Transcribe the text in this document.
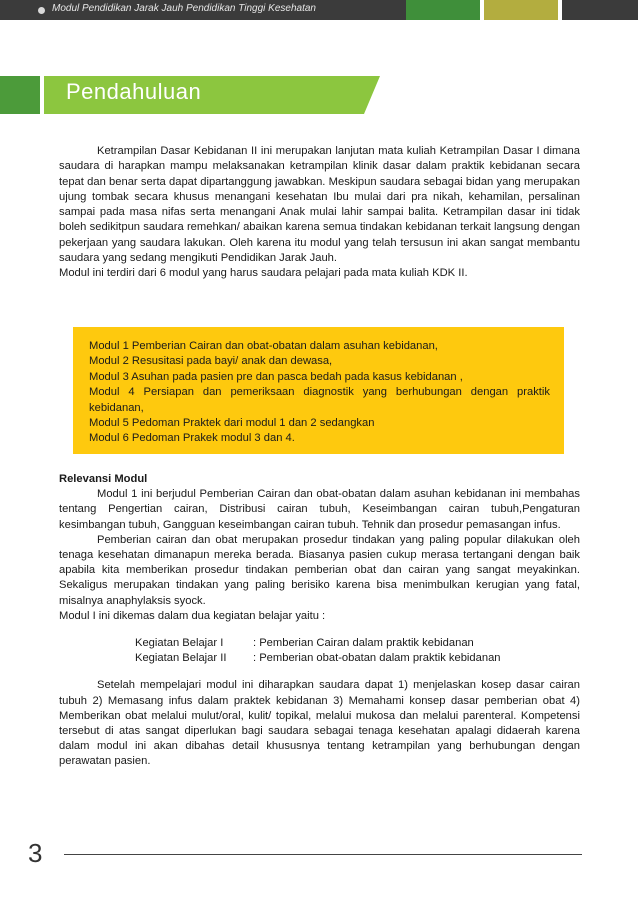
Modul Pendidikan Jarak Jauh Pendidikan Tinggi Kesehatan
Pendahuluan

Ketrampilan Dasar Kebidanan II ini merupakan lanjutan mata kuliah Ketrampilan Dasar I dimana saudara di harapkan mampu melaksanakan ketrampilan klinik dasar dalam praktik kebidanan secara tepat dan benar serta dapat dipartanggung jawabkan. Meskipun saudara sebagai bidan yang merupakan ujung tombak secara khusus menangani kesehatan Ibu mulai dari pra nikah, kehamilan, persalinan sampai pada masa nifas serta menangani Anak mulai lahir sampai balita. Ketrampilan dasar ini tidak boleh sedikitpun saudara remehkan/ abaikan karena semua tindakan kebidanan terkait langsung dengan pekerjaan yang saudara lakukan. Oleh karena itu modul yang telah tersusun ini akan sangat membantu saudara yang sedang mengikuti Pendidikan Jarak Jauh.

Modul ini terdiri dari 6 modul yang harus saudara pelajari pada mata kuliah KDK II.

Modul 1 Pemberian Cairan dan obat-obatan dalam asuhan kebidanan,
Modul 2 Resusitasi pada bayi/ anak dan dewasa,
Modul 3 Asuhan pada pasien pre dan pasca bedah pada kasus kebidanan ,
Modul 4 Persiapan dan pemeriksaan diagnostik yang berhubungan dengan praktik kebidanan,
Modul 5 Pedoman Praktek dari modul 1 dan 2 sedangkan
Modul 6 Pedoman Prakek modul 3 dan 4.

Relevansi Modul

Modul 1 ini berjudul Pemberian Cairan dan obat-obatan dalam asuhan kebidanan ini membahas tentang Pengertian cairan, Distribusi cairan tubuh, Keseimbangan cairan tubuh,Pengaturan kesimbangan tubuh, Gangguan keseimbangan cairan tubuh. Tehnik dan prosedur pemasangan infus.

Pemberian cairan dan obat merupakan prosedur tindakan yang paling popular dilakukan oleh tenaga kesehatan dimanapun mereka berada. Biasanya pasien cukup merasa tertangani dengan baik apabila kita memberikan prosedur tindakan pemberian obat dan cairan yang sangat meyakinkan. Sekaligus merupakan tindakan yang paling berisiko karena bisa menimbulkan kerugian yang fatal, misalnya anaphylaksis syock.

Modul I ini dikemas dalam dua kegiatan belajar yaitu :

Kegiatan Belajar I	: Pemberian Cairan dalam praktik kebidanan
Kegiatan Belajar II	: Pemberian obat-obatan dalam praktik kebidanan

Setelah mempelajari modul ini diharapkan saudara dapat 1) menjelaskan kosep dasar cairan tubuh 2) Memasang infus dalam praktek kebidanan 3) Memahami konsep dasar pemberian obat 4) Memberikan obat melalui mulut/oral, kulit/ topikal, melalui mukosa dan melalui parenteral. Kompetensi tersebut di atas sangat diperlukan bagi saudara sebagai tenaga kesehatan apalagi didaerah karena dalam modul ini akan dibahas detail khususnya tentang ketrampilan yang berhubungan dengan perawatan pasien.

3
